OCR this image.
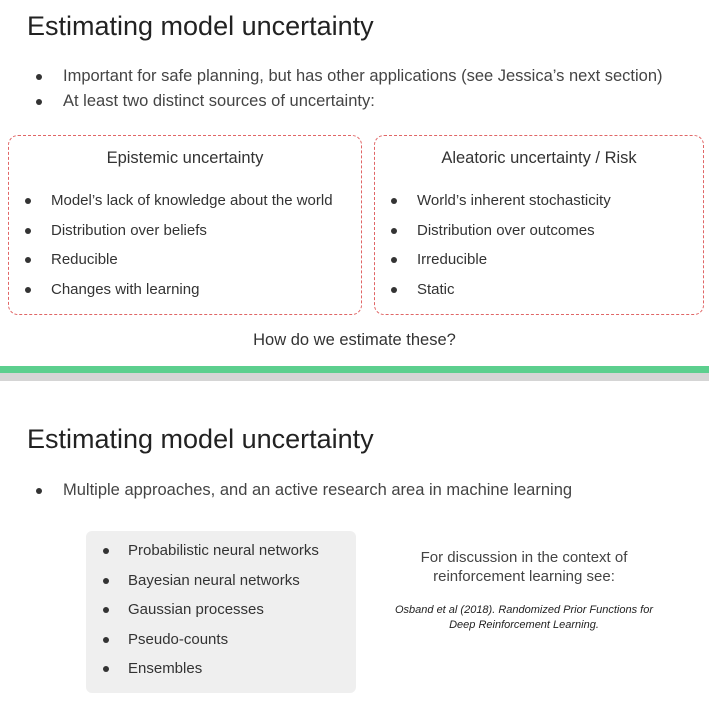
Estimating model uncertainty
Important for safe planning, but has other applications (see Jessica’s next section)
At least two distinct sources of uncertainty:
Epistemic uncertainty
Model’s lack of knowledge about the world
Distribution over beliefs
Reducible
Changes with learning
Aleatoric uncertainty / Risk
World’s inherent stochasticity
Distribution over outcomes
Irreducible
Static
How do we estimate these?
Estimating model uncertainty
Multiple approaches, and an active research area in machine learning
Probabilistic neural networks
Bayesian neural networks
Gaussian processes
Pseudo-counts
Ensembles
For discussion in the context of
reinforcement learning see:
Osband et al (2018). Randomized Prior Functions for
Deep Reinforcement Learning.
